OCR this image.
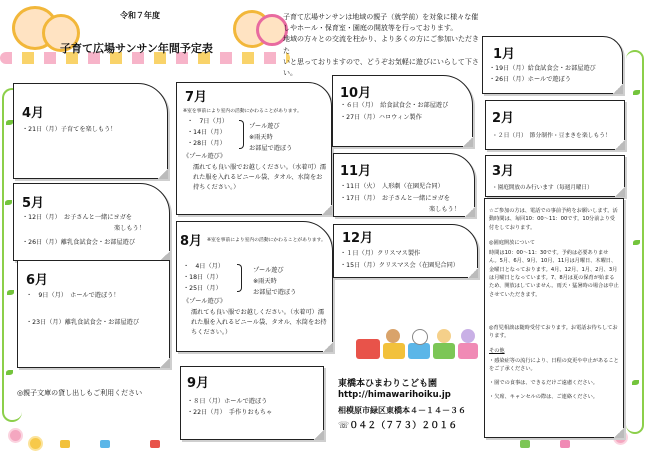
令和７年度
子育て広場サンサン年間予定表
子育て広場サンサンは地域の親子（就学前）を対象に様々な催
しやホール・保育室・園庭の開放等を行っております。
地域の方々との交流を柱かり、より多くの方にご参加いただきた
いと思っておりますので、どうぞお気軽に遊びにいらして下さ
い。
4月
・21日（月）子育てを楽しもう！
5月
・12日（月）　お子さんと一緒にヨガを
楽しもう！
・26日（月）離乳食試食会・お部屋遊び
6月
・　9日（月）　ホールで遊ぼう！
・23日（月）離乳食試食会・お部屋遊び
◎親子文庫の貸し出しもご利用ください
7月
※室を事前により室内の活動にかわることがあります。
・　7日（月）
・14日（月）
・28日（月）
プール遊び
※雨天時
お部屋で遊ぼう
《プール遊び》
濡れても良い服でお越しください。（水着可）濡れた服を入れるビニール袋、タオル、水筒をお持ちください。）
8月 ※室を事前により室内の活動にかわることがあります。
・　4日（月）
・18日（月）
・25日（月）
プール遊び
※雨天時
お部屋で遊ぼう
《プール遊び》
濡れても良い服でお越しください。（水着可）濡れた服を入れるビニール袋、タオル、水筒をお持ちください。）
9月
・８日（月）ホールで遊ぼう
・22日（月）　手作りおもちゃ
10月
・６日（月）　給食試食会・お部屋遊び
・27日（月）ハロウィン製作
11月
・11日（火）　人形劇（在園児合同）
・17日（月）　お子さんと一緒にヨガを
楽しもう！
12月
・１日（月）クリスマス製作
・15日（月）クリスマス会（在園児合同）
1月
・19日（月）給食試食会・お部屋遊び
・26日（月）ホールで遊ぼう
2月
・２日（月）　節分制作・豆まきを楽しもう！
3月
・園庭開放のみ行います（毎週月曜日）
☆ご参加の方は、電話での事前予約をお願いします。活動時間は、毎回10：00〜11：00です。10分前より受付をしております。
◎園庭開放について
時間は10：00〜11：30です。予約は必要ありません。5月、6月、9月、10月、11月は月曜日、木曜日、金曜日となっております。4月、12月、1月、2月、3月は月曜日となっています。7、8月は夏の保育が始まるため、開放はしていません。雨天・猛暑時の場合は中止させていただきます。
◎育児相談は随時受付ております。お電話お待ちしております。
その他
・感染症等の流行により、日程の変更や中止があることをご了承ください。
・園での食事は、できるだけご遠慮ください。
・欠席、キャンセルの際は、ご連絡ください。
東橋本ひまわりこども園
http://himawarihoiku.jp
相模原市緑区東橋本４－１４－３６
☏０４２（７７３）２０１６
